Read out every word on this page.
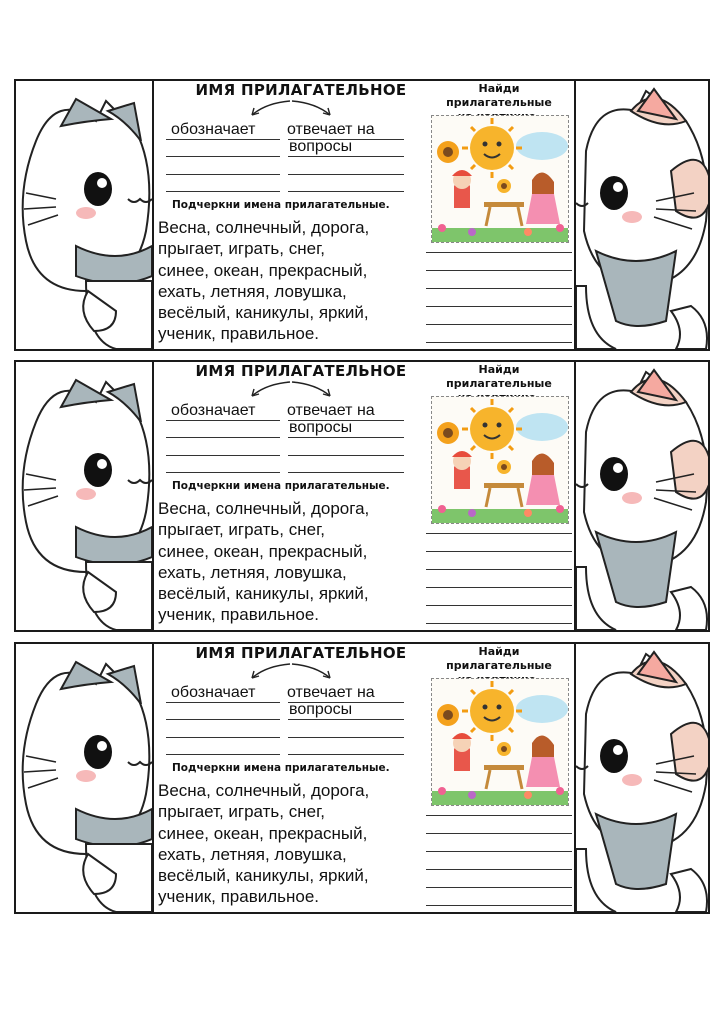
ИМЯ ПРИЛАГАТЕЛЬНОЕ
обозначает отвечает на
вопросы
Подчеркни имена прилагательные.
Весна, солнечный, дорога,
прыгает, играть, снег,
синее, океан, прекрасный,
ехать, летняя, ловушка,
весёлый, каникулы, яркий,
ученик, правильное.
Найди прилагательные
ИМЯ ПРИЛАГАТЕЛЬНОЕ
обозначает отвечает на
вопросы
Подчеркни имена прилагательные.
Весна, солнечный, дорога,
прыгает, играть, снег,
синее, океан, прекрасный,
ехать, летняя, ловушка,
весёлый, каникулы, яркий,
ученик, правильное.
Найди прилагательные
ИМЯ ПРИЛАГАТЕЛЬНОЕ
обозначает отвечает на
вопросы
Подчеркни имена прилагательные.
Весна, солнечный, дорога,
прыгает, играть, снег,
синее, океан, прекрасный,
ехать, летняя, ловушка,
весёлый, каникулы, яркий,
ученик, правильное.
Найди прилагательные
